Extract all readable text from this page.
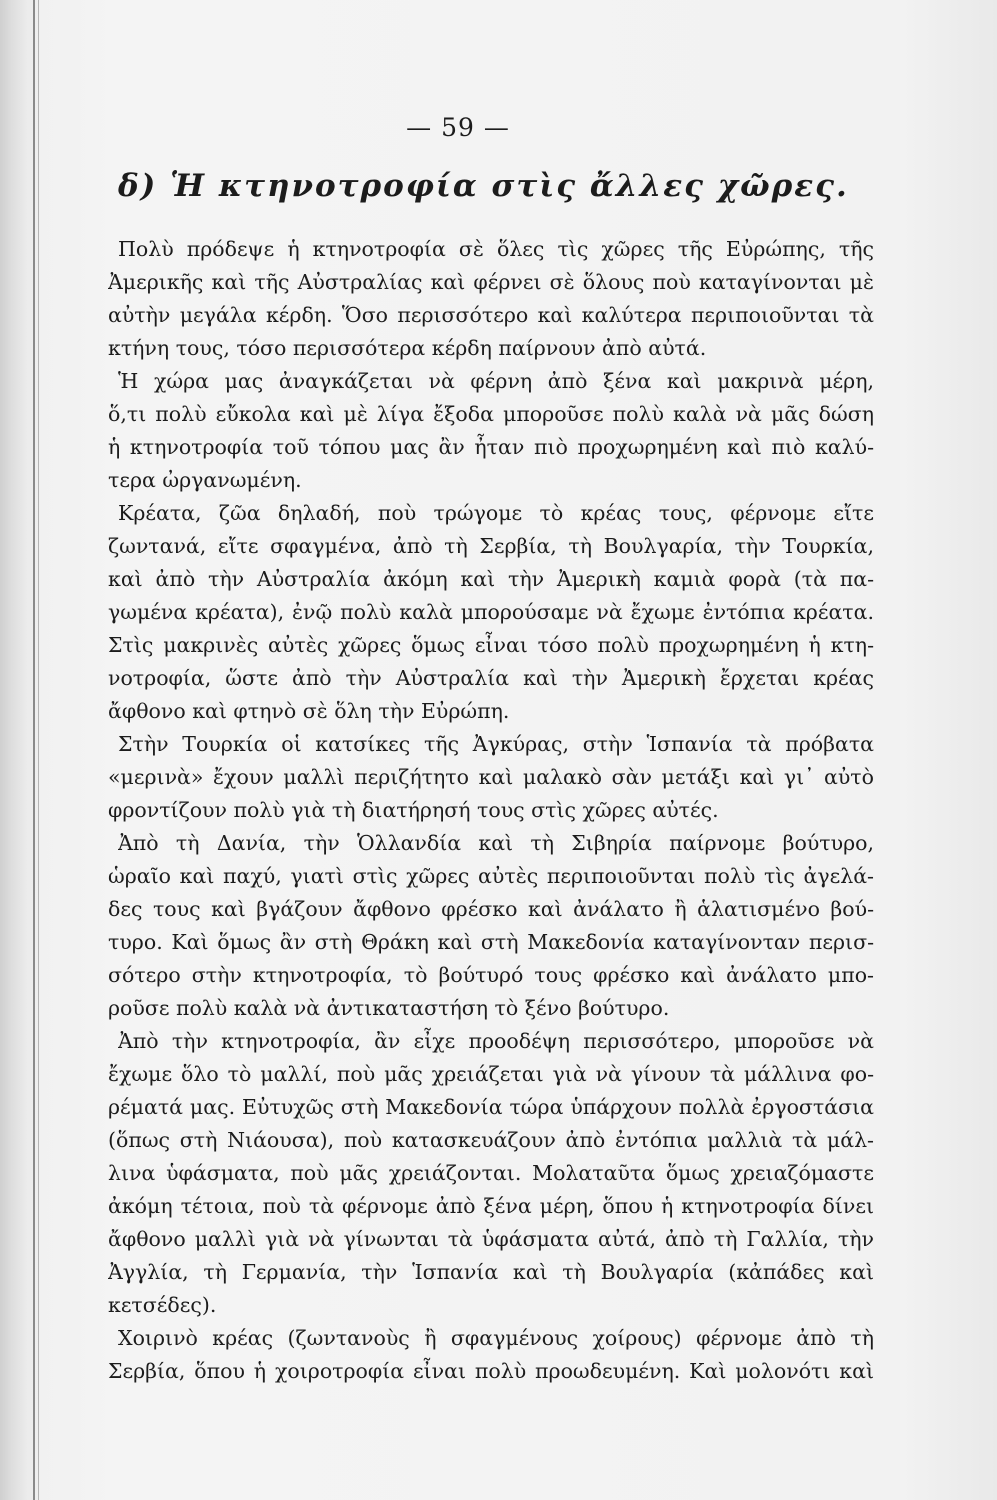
— 59 —
δ) Ἡ κτηνοτροφία στὶς ἄλλες χῶρες.
Πολὺ πρόδεψε ἡ κτηνοτροφία σὲ ὅλες τὶς χῶρες τῆς Εὐρώπης, τῆς
Ἀμερικῆς καὶ τῆς Αὐστραλίας καὶ φέρνει σὲ ὅλους ποὺ καταγίνονται μὲ
αὐτὴν μεγάλα κέρδη. Ὅσο περισσότερο καὶ καλύτερα περιποιοῦνται τὰ
κτήνη τους, τόσο περισσότερα κέρδη παίρνουν ἀπὸ αὐτά.
Ἡ χώρα μας ἀναγκάζεται νὰ φέρνη ἀπὸ ξένα καὶ μακρινὰ μέρη,
ὅ,τι πολὺ εὔκολα καὶ μὲ λίγα ἔξοδα μποροῦσε πολὺ καλὰ νὰ μᾶς δώση
ἡ κτηνοτροφία τοῦ τόπου μας ἂν ἦταν πιὸ προχωρημένη καὶ πιὸ καλύ-
τερα ὠργανωμένη.
Κρέατα, ζῶα δηλαδή, ποὺ τρώγομε τὸ κρέας τους, φέρνομε εἴτε
ζωντανά, εἴτε σφαγμένα, ἀπὸ τὴ Σερβία, τὴ Βουλγαρία, τὴν Τουρκία,
καὶ ἀπὸ τὴν Αὐστραλία ἀκόμη καὶ τὴν Ἀμερικὴ καμιὰ φορὰ (τὰ πα-
γωμένα κρέατα), ἐνῷ πολὺ καλὰ μπορούσαμε νὰ ἔχωμε ἐντόπια κρέατα.
Στὶς μακρινὲς αὐτὲς χῶρες ὅμως εἶναι τόσο πολὺ προχωρημένη ἡ κτη-
νοτροφία, ὥστε ἀπὸ τὴν Αὐστραλία καὶ τὴν Ἀμερικὴ ἔρχεται κρέας
ἄφθονο καὶ φτηνὸ σὲ ὅλη τὴν Εὐρώπη.
Στὴν Τουρκία οἱ κατσίκες τῆς Ἀγκύρας, στὴν Ἱσπανία τὰ πρόβατα
«μερινὰ» ἔχουν μαλλὶ περιζήτητο καὶ μαλακὸ σὰν μετάξι καὶ γι᾽ αὐτὸ
φροντίζουν πολὺ γιὰ τὴ διατήρησή τους στὶς χῶρες αὐτές.
Ἀπὸ τὴ Δανία, τὴν Ὁλλανδία καὶ τὴ Σιβηρία παίρνομε βούτυρο,
ὡραῖο καὶ παχύ, γιατὶ στὶς χῶρες αὐτὲς περιποιοῦνται πολὺ τὶς ἀγελά-
δες τους καὶ βγάζουν ἄφθονο φρέσκο καὶ ἀνάλατο ἢ ἁλατισμένο βού-
τυρο. Καὶ ὅμως ἂν στὴ Θράκη καὶ στὴ Μακεδονία καταγίνονταν περισ-
σότερο στὴν κτηνοτροφία, τὸ βούτυρό τους φρέσκο καὶ ἀνάλατο μπο-
ροῦσε πολὺ καλὰ νὰ ἀντικαταστήση τὸ ξένο βούτυρο.
Ἀπὸ τὴν κτηνοτροφία, ἂν εἶχε προοδέψη περισσότερο, μποροῦσε νὰ
ἔχωμε ὅλο τὸ μαλλί, ποὺ μᾶς χρειάζεται γιὰ νὰ γίνουν τὰ μάλλινα φο-
ρέματά μας. Εὐτυχῶς στὴ Μακεδονία τώρα ὑπάρχουν πολλὰ ἐργοστάσια
(ὅπως στὴ Νιάουσα), ποὺ κατασκευάζουν ἀπὸ ἐντόπια μαλλιὰ τὰ μάλ-
λινα ὑφάσματα, ποὺ μᾶς χρειάζονται. Μολαταῦτα ὅμως χρειαζόμαστε
ἀκόμη τέτοια, ποὺ τὰ φέρνομε ἀπὸ ξένα μέρη, ὅπου ἡ κτηνοτροφία δίνει
ἄφθονο μαλλὶ γιὰ νὰ γίνωνται τὰ ὑφάσματα αὐτά, ἀπὸ τὴ Γαλλία, τὴν
Ἀγγλία, τὴ Γερμανία, τὴν Ἱσπανία καὶ τὴ Βουλγαρία (κἀπάδες καὶ
κετσέδες).
Χοιρινὸ κρέας (ζωντανοὺς ἢ σφαγμένους χοίρους) φέρνομε ἀπὸ τὴ
Σερβία, ὅπου ἡ χοιροτροφία εἶναι πολὺ προωδευμένη. Καὶ μολονότι καὶ
